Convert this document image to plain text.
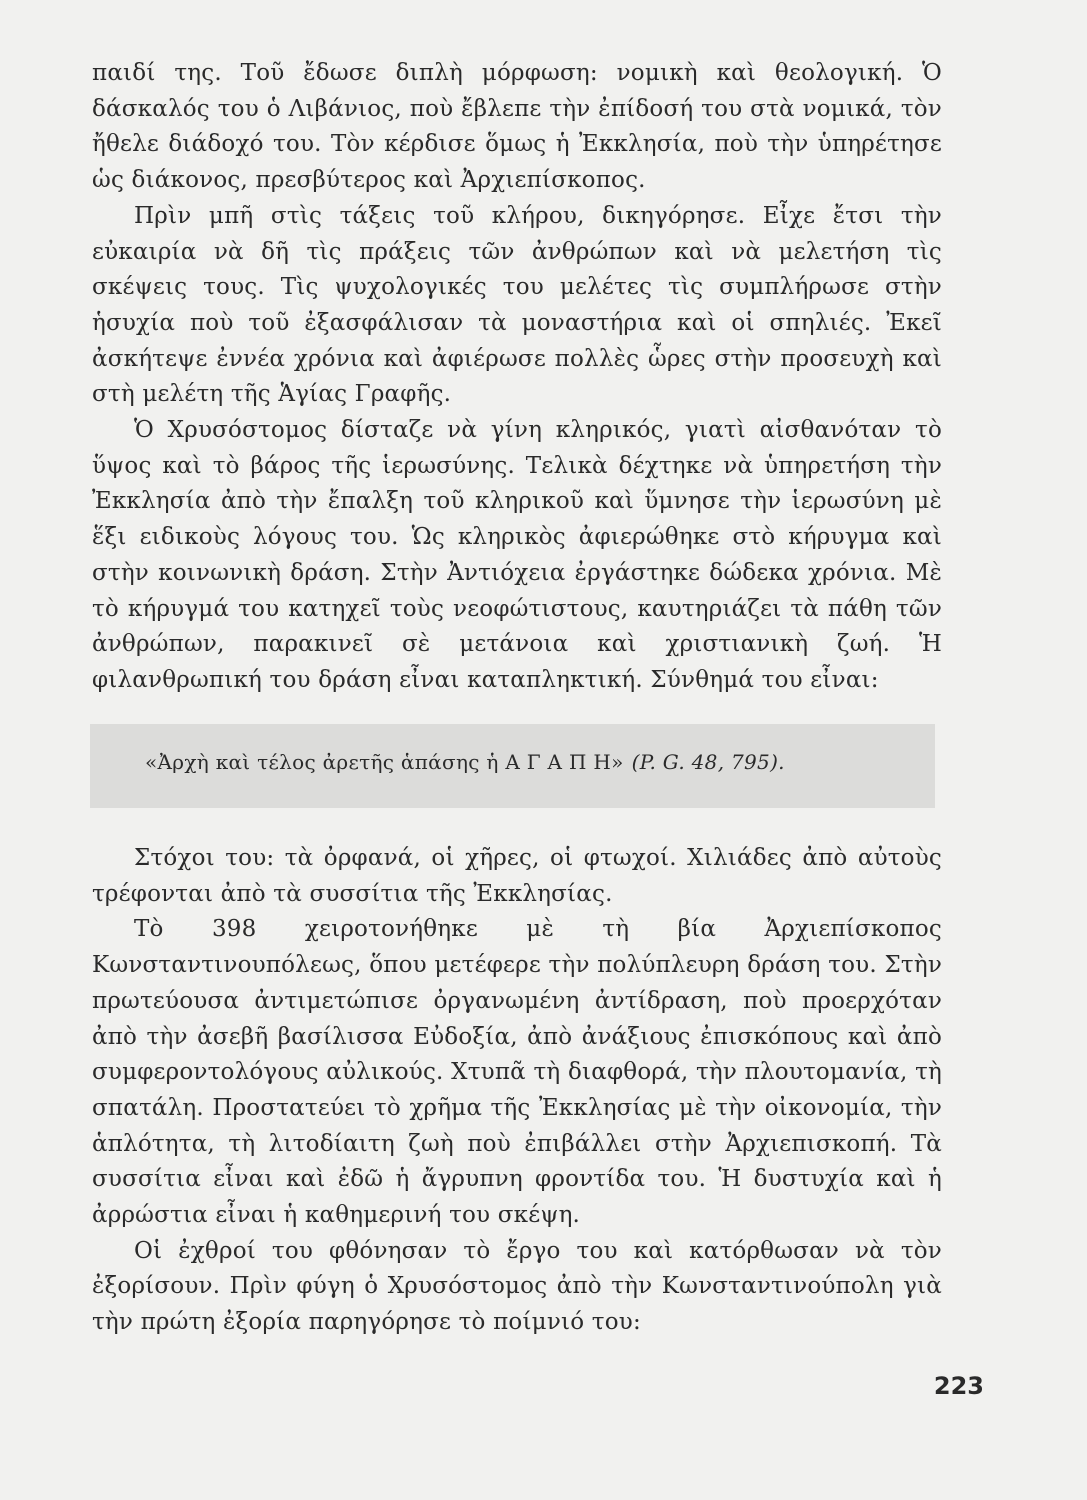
παιδί της. Τοῦ ἔδωσε διπλὴ μόρφωση: νομικὴ καὶ θεολογική. Ὁ δάσκαλός του ὁ Λιβάνιος, ποὺ ἔβλεπε τὴν ἐπίδοσή του στὰ νομικά, τὸν ἤθελε διάδοχό του. Τὸν κέρδισε ὅμως ἡ Ἐκκλησία, ποὺ τὴν ὑπηρέτησε ὡς διάκονος, πρεσβύτερος καὶ Ἀρχιεπίσκοπος.

Πρὶν μπῆ στὶς τάξεις τοῦ κλήρου, δικηγόρησε. Εἶχε ἔτσι τὴν εὐκαιρία νὰ δῆ τὶς πράξεις τῶν ἀνθρώπων καὶ νὰ μελετήση τὶς σκέψεις τους. Τὶς ψυχολογικές του μελέτες τὶς συμπλήρωσε στὴν ἡσυχία ποὺ τοῦ ἐξασφάλισαν τὰ μοναστήρια καὶ οἱ σπηλιές. Ἐκεῖ ἀσκήτεψε ἐννέα χρόνια καὶ ἀφιέρωσε πολλὲς ὧρες στὴν προσευχὴ καὶ στὴ μελέτη τῆς Ἁγίας Γραφῆς.

Ὁ Χρυσόστομος δίσταζε νὰ γίνη κληρικός, γιατὶ αἰσθανόταν τὸ ὕψος καὶ τὸ βάρος τῆς ἱερωσύνης. Τελικὰ δέχτηκε νὰ ὑπηρετήση τὴν Ἐκκλησία ἀπὸ τὴν ἔπαλξη τοῦ κληρικοῦ καὶ ὕμνησε τὴν ἱερωσύνη μὲ ἕξι ειδικοὺς λόγους του. Ὡς κληρικὸς ἀφιερώθηκε στὸ κήρυγμα καὶ στὴν κοινωνικὴ δράση. Στὴν Ἀντιόχεια ἐργάστηκε δώδεκα χρόνια. Μὲ τὸ κήρυγμά του κατηχεῖ τοὺς νεοφώτιστους, καυτηριάζει τὰ πάθη τῶν ἀνθρώπων, παρακινεῖ σὲ μετάνοια καὶ χριστιανικὴ ζωή. Ἡ φιλανθρωπική του δράση εἶναι καταπληκτική. Σύνθημά του εἶναι:

«Ἀρχὴ καὶ τέλος ἀρετῆς ἁπάσης ἡ Α Γ Α Π Η» (P. G. 48, 795).

Στόχοι του: τὰ ὀρφανά, οἱ χῆρες, οἱ φτωχοί. Χιλιάδες ἀπὸ αὐτοὺς τρέφονται ἀπὸ τὰ συσσίτια τῆς Ἐκκλησίας.

Τὸ 398 χειροτονήθηκε μὲ τὴ βία Ἀρχιεπίσκοπος Κωνσταντινουπόλεως, ὅπου μετέφερε τὴν πολύπλευρη δράση του. Στὴν πρωτεύουσα ἀντιμετώπισε ὀργανωμένη ἀντίδραση, ποὺ προερχόταν ἀπὸ τὴν ἀσεβῆ βασίλισσα Εὐδοξία, ἀπὸ ἀνάξιους ἐπισκόπους καὶ ἀπὸ συμφεροντολόγους αὐλικούς. Χτυπᾶ τὴ διαφθορά, τὴν πλουτομανία, τὴ σπατάλη. Προστατεύει τὸ χρῆμα τῆς Ἐκκλησίας μὲ τὴν οἰκονομία, τὴν ἁπλότητα, τὴ λιτοδίαιτη ζωὴ ποὺ ἐπιβάλλει στὴν Ἀρχιεπισκοπή. Τὰ συσσίτια εἶναι καὶ ἐδῶ ἡ ἄγρυπνη φροντίδα του. Ἡ δυστυχία καὶ ἡ ἀρρώστια εἶναι ἡ καθημερινή του σκέψη.

Οἱ ἐχθροί του φθόνησαν τὸ ἔργο του καὶ κατόρθωσαν νὰ τὸν ἐξορίσουν. Πρὶν φύγη ὁ Χρυσόστομος ἀπὸ τὴν Κωνσταντινούπολη γιὰ τὴν πρώτη ἐξορία παρηγόρησε τὸ ποίμνιό του:

223
